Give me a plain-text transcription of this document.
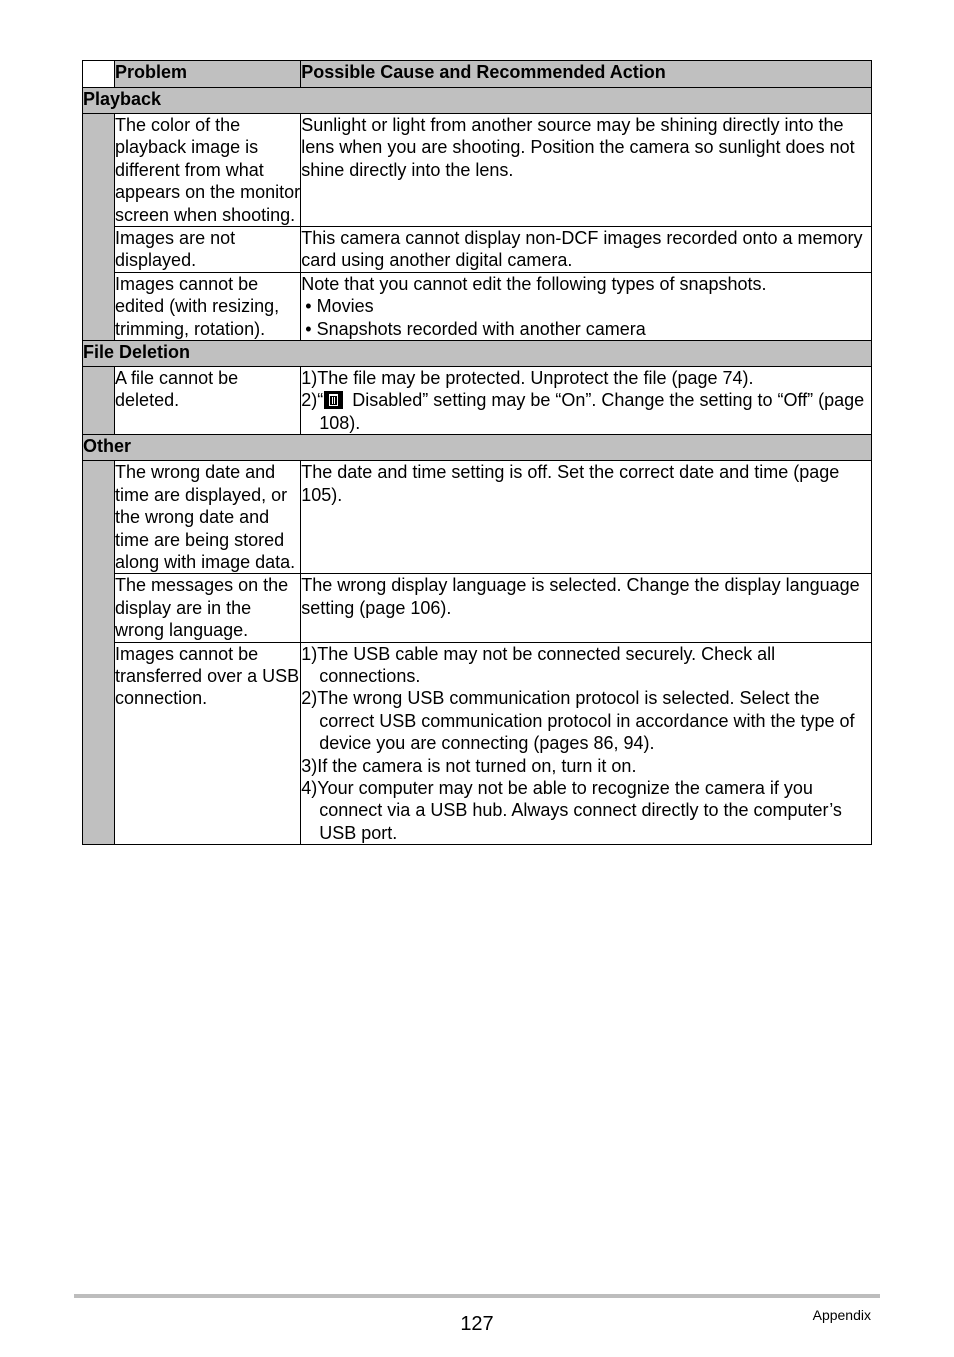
	Problem	Possible Cause and Recommended Action
Playback		
	The color of the playback image is different from what appears on the monitor screen when shooting.	Sunlight or light from another source may be shining directly into the lens when you are shooting. Position the camera so sunlight does not shine directly into the lens.
	Images are not displayed.	This camera cannot display non-DCF images recorded onto a memory card using another digital camera.
	Images cannot be edited (with resizing, trimming, rotation).	Note that you cannot edit the following types of snapshots.
• Movies
• Snapshots recorded with another camera

File Deletion		
	A file cannot be deleted.	1)The file may be protected. Unprotect the file (page 74).
2)“ Disabled” setting may be “On”. Change the setting to “Off” (page 108).

Other		
	The wrong date and time are displayed, or the wrong date and time are being stored along with image data.	The date and time setting is off. Set the correct date and time (page 105).
	The messages on the display are in the wrong language.	The wrong display language is selected. Change the display language setting (page 106).
	Images cannot be transferred over a USB connection.	1)The USB cable may not be connected securely. Check all connections.
2)The wrong USB communication protocol is selected. Select the correct USB communication protocol in accordance with the type of device you are connecting (pages 86, 94).
3)If the camera is not turned on, turn it on.
4)Your computer may not be able to recognize the camera if you connect via a USB hub. Always connect directly to the computer’s USB port.
127	Appendix
